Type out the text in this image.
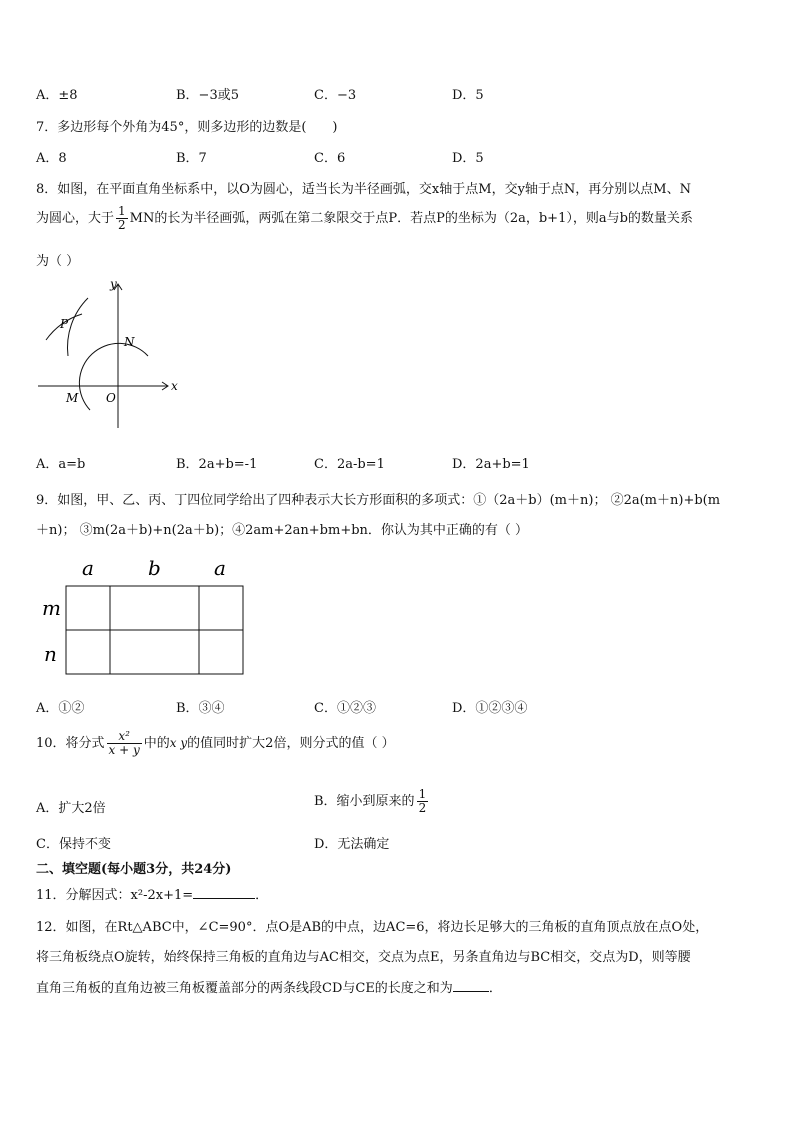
A．±8	B．−3或5	C．−3	D．5
7．多边形每个外角为45°，则多边形的边数是(　　)
A．8	B．7	C．6	D．5
8．如图，在平面直角坐标系中，以O为圆心，适当长为半径画弧，交x轴于点M，交y轴于点N，再分别以点M、N
为圆心，大于 $\frac{1}{2}$ MN的长为半径画弧，两弧在第二象限交于点P．若点P的坐标为（2a，b+1），则a与b的数量关系
为（ ）
y
x
P
N
M O
A．a=b	B．2a+b=-1	C．2a-b=1	D．2a+b=1
9．如图，甲、乙、丙、丁四位同学给出了四种表示大长方形面积的多项式：①（2a＋b）(m＋n)； ②2a(m＋n)+b(m
＋n)； ③m(2a＋b)+n(2a＋b)；④2am+2an+bm+bn．你认为其中正确的有（ ）
a	b	a
m
n
A．①②	B．③④	C．①②③	D．①②③④
10．将分式 $\frac{\text{x²}}{x + y}$ 中的x y的值同时扩大2倍，则分式的值（ ）
A．扩大2倍	B．缩小到原来的 $\frac{1}{2}$
C．保持不变	D．无法确定
二、填空题(每小题3分，共24分)
11．分解因式：x²-2x+1=	．
12．如图，在Rt△ABC中，∠C=90°．点O是AB的中点，边AC=6，将边长足够大的三角板的直角顶点放在点O处，
将三角板绕点O旋转，始终保持三角板的直角边与AC相交，交点为点E，另条直角边与BC相交，交点为D，则等腰
直角三角板的直角边被三角板覆盖部分的两条线段CD与CE的长度之和为	．
